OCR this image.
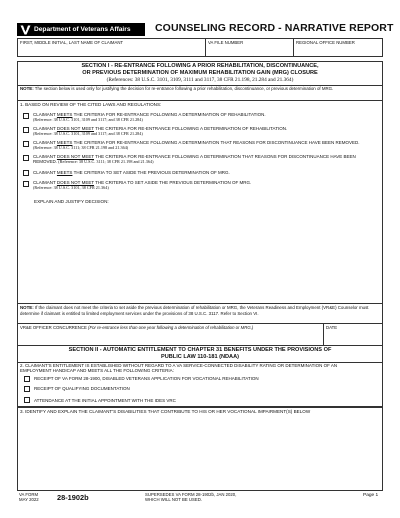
Department of Veterans Affairs	COUNSELING RECORD - NARRATIVE REPORT
FIRST, MIDDLE INITIAL, LAST NAME OF CLAIMANT	VA FILE NUMBER	REGIONAL OFFICE NUMBER
SECTION I - RE-ENTRANCE FOLLOWING A PRIOR REHABILITATION, DISCONTINUANCE,
OR PREVIOUS DETERMINATION OF MAXIMUM REHABILITATION GAIN (MRG) CLOSURE
(References: 38 U.S.C. 3101, 3109, 3111 and 3117, 38 CFR 21.198, 21.284 and 21.364)
NOTE: The section below is used only for justifying the decision for re-entrance following a prior rehabilitation, discontinuance, or previous determination of MRG.
1. BASED ON REVIEW OF THE CITED LAWS AND REGULATIONS:
CLAIMANT MEETS THE CRITERIA FOR RE-ENTRANCE FOLLOWING A DETERMINATION OF REHABILITATION.
(Reference: 38 U.S.C. 3101, 3109 and 3117; and 38 CFR 21.284)
CLAIMANT DOES NOT MEET THE CRITERIA FOR RE-ENTRANCE FOLLOWING A DETERMINATION OF REHABILITATION.
(Reference: 38 U.S.C. 3101, 3109 and 3117; and 38 CFR 21.284)
CLAIMANT MEETS THE CRITERIA FOR RE-ENTRANCE FOLLOWING A DETERMINATION THAT REASONS FOR DISCONTINUANCE HAVE BEEN REMOVED. (Reference: 38 U.S.C. 3111; 38 CFR 21.198 and 21.364)
CLAIMANT DOES NOT MEET THE CRITERIA FOR RE-ENTRANCE FOLLOWING A DETERMINATION THAT REASONS FOR DISCONTINUANCE HAVE BEEN REMOVED. (Reference: 38 U.S.C. 3111; 38 CFR 21.198 and 21.364)
CLAIMANT MEETS THE CRITERIA TO SET ASIDE THE PREVIOUS DETERMINATION OF MRG.
CLAIMANT DOES NOT MEET THE CRITERIA TO SET ASIDE THE PREVIOUS DETERMINATION OF MRG.
(Reference: 38 U.S.C. 3101, 38 CFR 21.364)
EXPLAIN AND JUSTIFY DECISION:
NOTE: If the claimant does not meet the criteria to set aside the previous determination of rehabilitation or MRG, the Veterans Readiness and Employment (VR&E) Counselor must determine if claimant is entitled to limited employment services under the provisions of 38 U.S.C. 3117. Refer to Section VI.
VR&E OFFICER CONCURRENCE (For re-entrance less than one year following a determination of rehabilitation or MRG.)	DATE
SECTION II - AUTOMATIC ENTITLEMENT TO CHAPTER 31 BENEFITS UNDER THE PROVISIONS OF
PUBLIC LAW 110-181 (NDAA)
2. CLAIMANT'S ENTITLEMENT IS ESTABLISHED WITHOUT REGARD TO A VA SERVICE-CONNECTED DISABILITY RATING OR DETERMINATION OF AN EMPLOYMENT HANDICAP AND MEETS ALL THE FOLLOWING CRITERIA:
RECEIPT OF VA FORM 28-1900, DISABLED VETERANS APPLICATION FOR VOCATIONAL REHABILITATION
RECEIPT OF QUALIFYING DOCUMENTATION
ATTENDANCE AT THE INITIAL APPOINTMENT WITH THE IDES VRC
3. IDENTIFY AND EXPLAIN THE CLAIMANT'S DISABILITIES THAT CONTRIBUTE TO HIS OR HER VOCATIONAL IMPAIRMENT(S) BELOW
VA FORM
MAY 2022 28-1902b	SUPERSEDES VA FORM 28-1902b, JAN 2020,
WHICH WILL NOT BE USED.
Page 1
